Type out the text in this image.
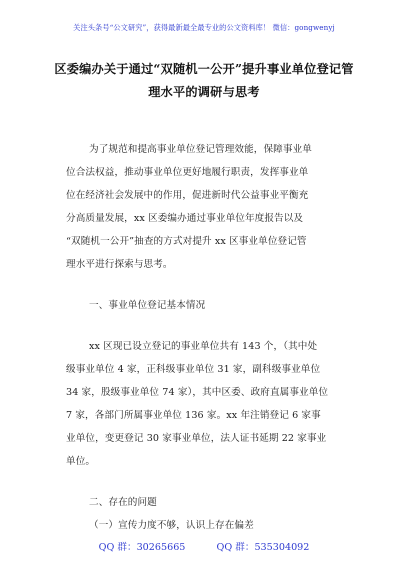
关注头条号“公文研究”，获得最新最全最专业的公文资料库！ 微信：gongwenyj
区委编办关于通过“双随机一公开”提升事业单位登记管
理水平的调研与思考
为了规范和提高事业单位登记管理效能，保障事业单
位合法权益，推动事业单位更好地履行职责，发挥事业单
位在经济社会发展中的作用，促进新时代公益事业平衡充
分高质量发展，xx 区委编办通过事业单位年度报告以及
“双随机一公开”抽查的方式对提升 xx 区事业单位登记管
理水平进行探索与思考。
一、事业单位登记基本情况
xx 区现已设立登记的事业单位共有 143 个，（其中处
级事业单位 4 家，正科级事业单位 31 家，副科级事业单位
34 家，股级事业单位 74 家），其中区委、政府直属事业单位
7 家，各部门所属事业单位 136 家。xx 年注销登记 6 家事
业单位，变更登记 30 家事业单位，法人证书延期 22 家事业
单位。
二、存在的问题
（一）宣传力度不够，认识上存在偏差
QQ 群：30265665	QQ 群：535304092
